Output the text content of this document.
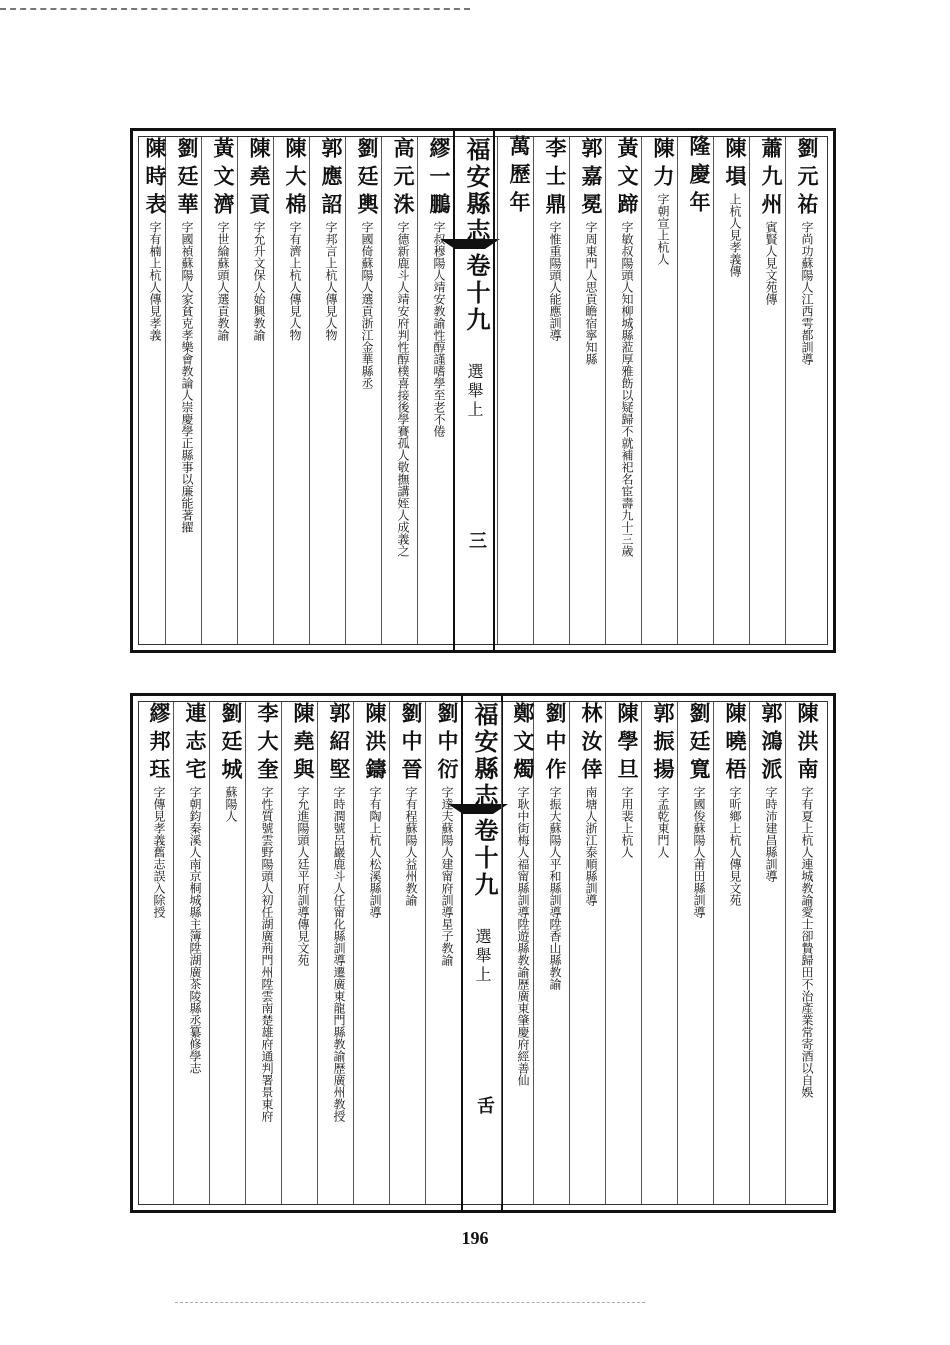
福安縣志
卷十九
選舉上
三
劉元祐字尚功蘇陽人江西雩都訓導
蕭九州賓賢人見文苑傳
陳塤上杭人見孝義傳
隆慶年
陳力字朝宣上杭人
黃文蹄字敏叔陽頭人知柳城縣蒞厚雅飭以疑歸不就補祀名宦壽九十三歲
郭嘉冕字周東門人思貢瞻宿寧知縣
李士鼎字惟重陽頭人能應訓導
萬歷年
繆一鵬字叔穆陽人靖安教諭性醇謹嗜學至老不倦
高元洙字德新鹿斗人靖安府判性醇樸喜接後學賽孤人敬撫講姪人成義之
劉廷輿字國倚蘇陽人選貢浙江金華縣丞
郭應詔字邦言上杭人傳見人物
陳大棉字有濟上杭人傳見人物
陳堯貢字允升文保人始興教諭
黃文濟字世綸蘇頭人選貢教諭
劉廷華字國禎蘇陽人家貧克孝樂會教論人崇慶學正縣事以廉能著擢
陳時表字有楠上杭人傳見孝義
福安縣志
卷十九
選舉上
舌
陳洪南字有夏上杭人連城教諭愛士卻贄歸田不治產業常寄酒以自娛
郭鴻派字時沛建昌縣訓導
陳曉梧字昕鄉上杭人傳見文苑
劉廷寬字國俊蘇陽人莆田縣訓導
郭振揚字孟乾東門人
陳學旦字用裴上杭人
林汝倖南塘人浙江泰順縣訓導
劉中作字振大蘇陽人平和縣訓導陞香山縣教諭
鄭文燭字耿中街梅人福甯縣訓導陞遊縣教諭歷廣東肇慶府經善仙
劉中衍字達夫蘇陽人建甯府訓導星子教諭
劉中晉字有程蘇陽人益州教諭
陳洪鑄字有陶上杭人松溪縣訓導
郭紹堅字時潤號呂巖鹿斗人任甯化縣訓導遷廣東龍門縣教諭歷廣州教授
陳堯與字允進陽頭人廷平府訓導傳見文苑
李大奎字性質號雲野陽頭人初任湖廣荊門州陞雲南楚雄府通判署景東府
劉廷城蘇陽人
連志宅字朝鈞秦溪人南京桐城縣主簿陞湖廣茶陵縣丞纂修學志
繆邦珏字傳見孝義舊志誤入除授
196
